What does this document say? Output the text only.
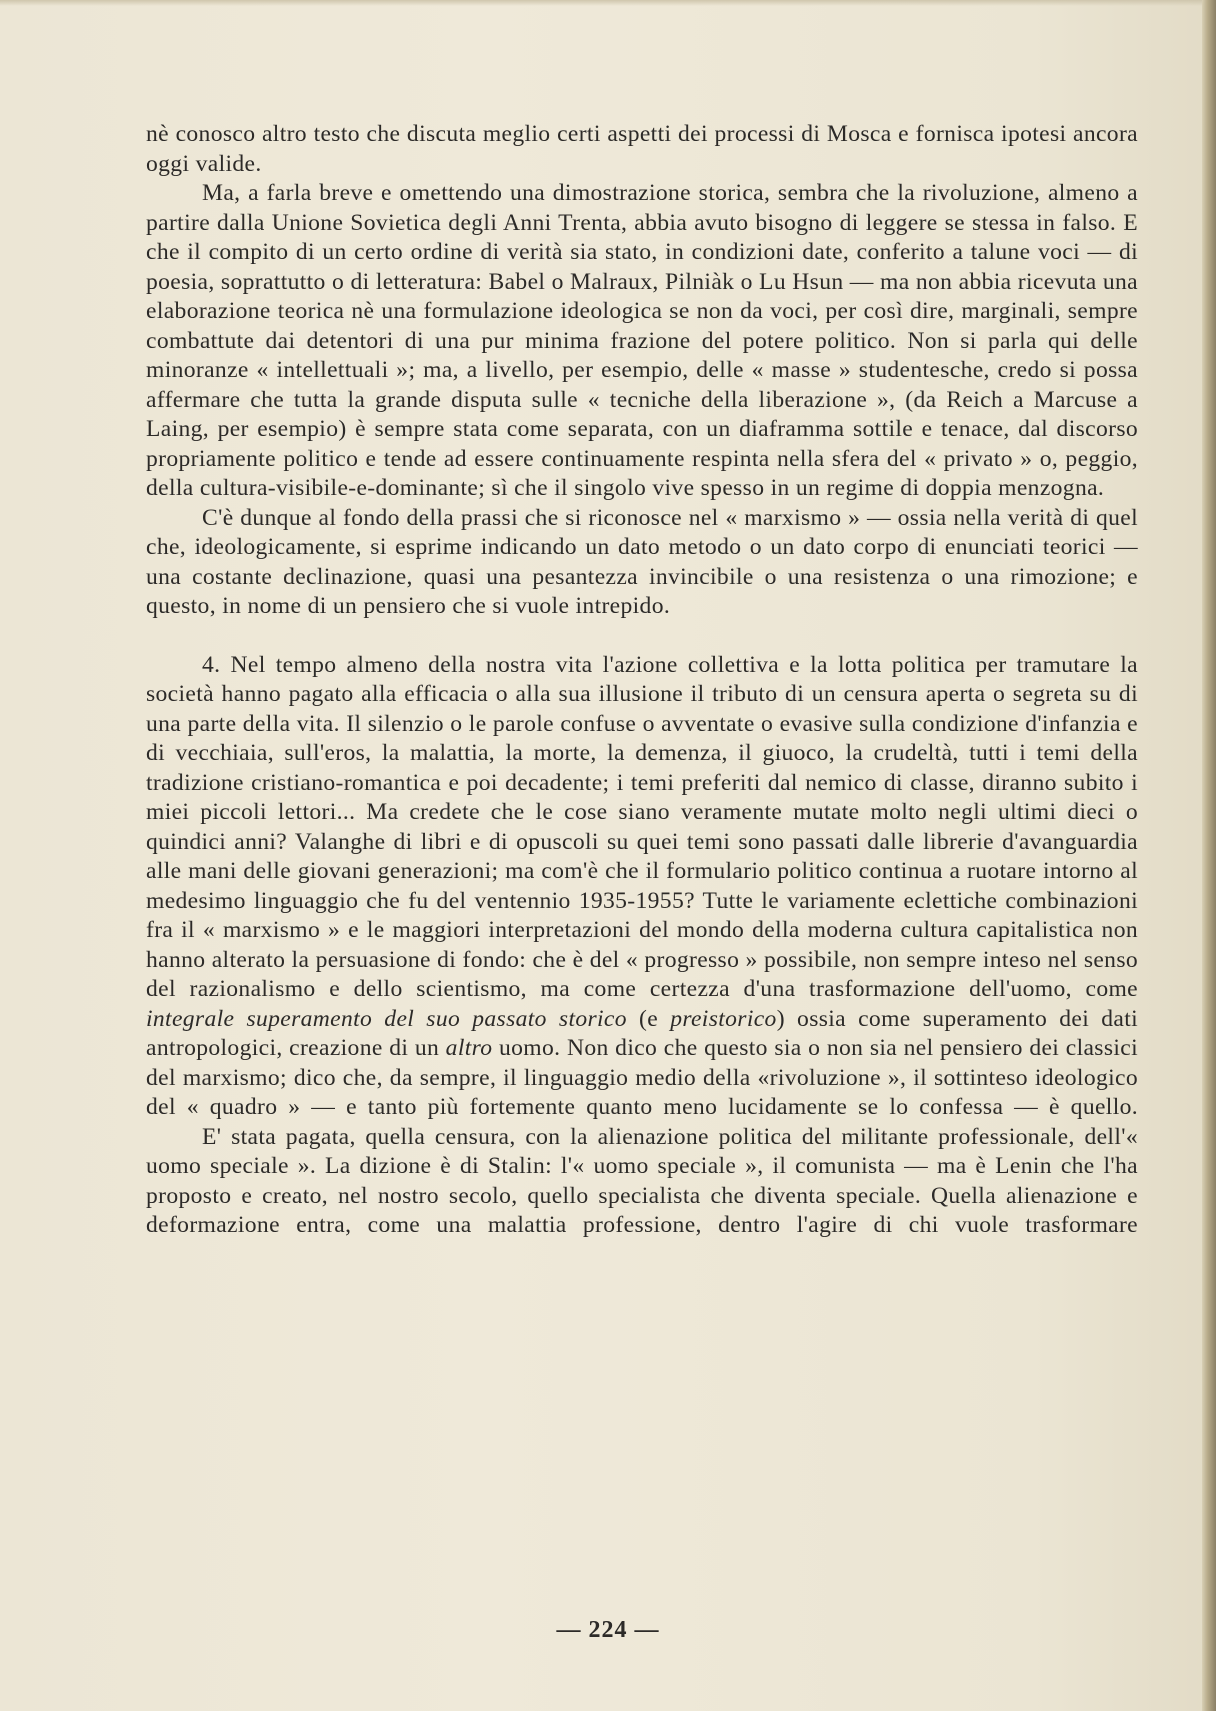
nè conosco altro testo che discuta meglio certi aspetti dei processi di Mosca e fornisca ipotesi ancora oggi valide.

Ma, a farla breve e omettendo una dimostrazione storica, sembra che la rivoluzione, almeno a partire dalla Unione Sovietica degli Anni Trenta, abbia avuto bisogno di leggere se stessa in falso. E che il compito di un certo ordine di verità sia stato, in condizioni date, conferito a talune voci — di poesia, soprattutto o di letteratura: Babel o Malraux, Pilniàk o Lu Hsun — ma non abbia ricevuta una elaborazione teorica nè una formulazione ideologica se non da voci, per così dire, marginali, sempre combattute dai detentori di una pur minima frazione del potere politico. Non si parla qui delle minoranze « intellettuali »; ma, a livello, per esempio, delle « masse » studentesche, credo si possa affermare che tutta la grande disputa sulle « tecniche della liberazione », (da Reich a Marcuse a Laing, per esempio) è sempre stata come separata, con un diaframma sottile e tenace, dal discorso propriamente politico e tende ad essere continuamente respinta nella sfera del « privato » o, peggio, della cultura-visibile-e-dominante; sì che il singolo vive spesso in un regime di doppia menzogna.

C'è dunque al fondo della prassi che si riconosce nel « marxismo » — ossia nella verità di quel che, ideologicamente, si esprime indicando un dato metodo o un dato corpo di enunciati teorici — una costante declinazione, quasi una pesantezza invincibile o una resistenza o una rimozione; e questo, in nome di un pensiero che si vuole intrepido.

4. Nel tempo almeno della nostra vita l'azione collettiva e la lotta politica per tramutare la società hanno pagato alla efficacia o alla sua illusione il tributo di un censura aperta o segreta su di una parte della vita. Il silenzio o le parole confuse o avventate o evasive sulla condizione d'infanzia e di vecchiaia, sull'eros, la malattia, la morte, la demenza, il giuoco, la crudeltà, tutti i temi della tradizione cristiano-romantica e poi decadente; i temi preferiti dal nemico di classe, diranno subito i miei piccoli lettori... Ma credete che le cose siano veramente mutate molto negli ultimi dieci o quindici anni? Valanghe di libri e di opuscoli su quei temi sono passati dalle librerie d'avanguardia alle mani delle giovani generazioni; ma com'è che il formulario politico continua a ruotare intorno al medesimo linguaggio che fu del ventennio 1935-1955? Tutte le variamente eclettiche combinazioni fra il « marxismo » e le maggiori interpretazioni del mondo della moderna cultura capitalistica non hanno alterato la persuasione di fondo: che è del « progresso » possibile, non sempre inteso nel senso del razionalismo e dello scientismo, ma come certezza d'una trasformazione dell'uomo, come integrale superamento del suo passato storico (e preistorico) ossia come superamento dei dati antropologici, creazione di un altro uomo. Non dico che questo sia o non sia nel pensiero dei classici del marxismo; dico che, da sempre, il linguaggio medio della «rivoluzione », il sottinteso ideologico del « quadro » — e tanto più fortemente quanto meno lucidamente se lo confessa — è quello.

E' stata pagata, quella censura, con la alienazione politica del militante professionale, dell'« uomo speciale ». La dizione è di Stalin: l'« uomo speciale », il comunista — ma è Lenin che l'ha proposto e creato, nel nostro secolo, quello specialista che diventa speciale. Quella alienazione e deformazione entra, come una malattia professione, dentro l'agire di chi vuole trasformare

— 224 —
